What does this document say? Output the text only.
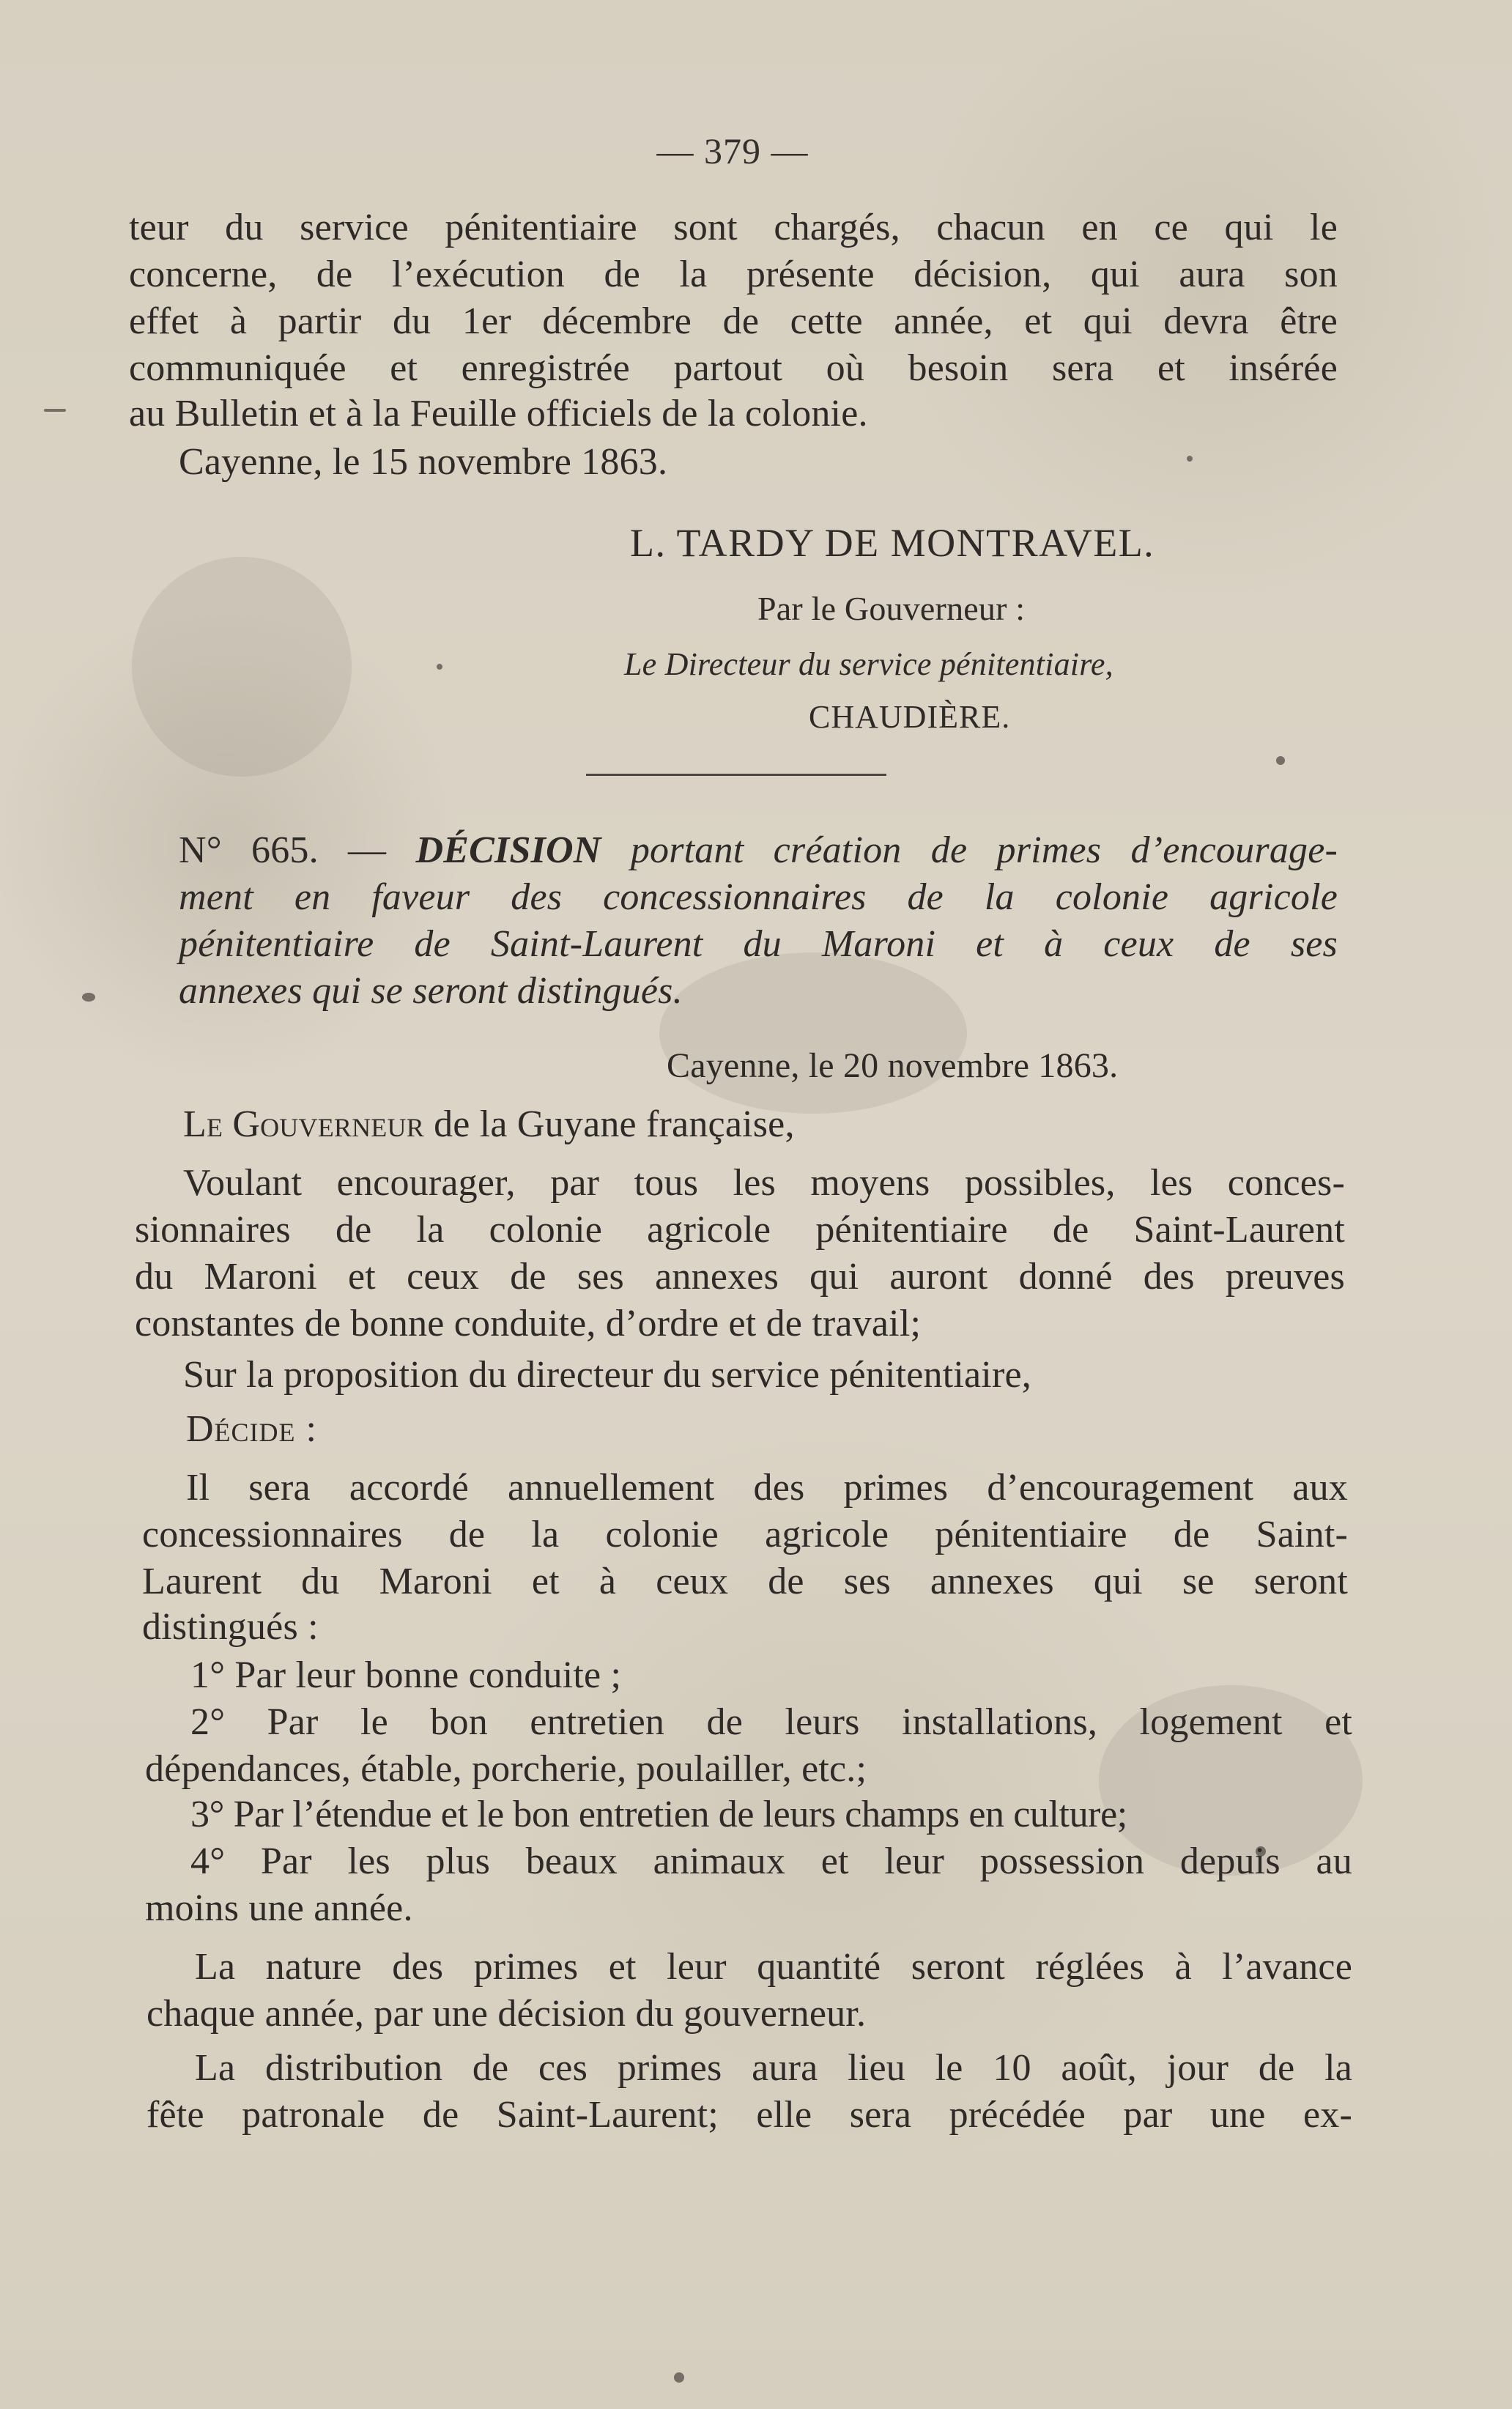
— 379 —
teur du service pénitentiaire sont chargés, chacun en ce qui le
concerne, de l’exécution de la présente décision, qui aura son
effet à partir du 1er décembre de cette année, et qui devra être
communiquée et enregistrée partout où besoin sera et insérée
au Bulletin et à la Feuille officiels de la colonie.
Cayenne, le 15 novembre 1863.
L. TARDY DE MONTRAVEL.
Par le Gouverneur :
Le Directeur du service pénitentiaire,
CHAUDIÈRE.
N° 665. — DÉCISION portant création de primes d’encourage-
ment en faveur des concessionnaires de la colonie agricole
pénitentiaire de Saint-Laurent du Maroni et à ceux de ses
annexes qui se seront distingués.
Cayenne, le 20 novembre 1863.
Le Gouverneur de la Guyane française,
Voulant encourager, par tous les moyens possibles, les conces-
sionnaires de la colonie agricole pénitentiaire de Saint-Laurent
du Maroni et ceux de ses annexes qui auront donné des preuves
constantes de bonne conduite, d’ordre et de travail;
Sur la proposition du directeur du service pénitentiaire,
Décide :
Il sera accordé annuellement des primes d’encouragement aux
concessionnaires de la colonie agricole pénitentiaire de Saint-
Laurent du Maroni et à ceux de ses annexes qui se seront
distingués :
1° Par leur bonne conduite ;
2° Par le bon entretien de leurs installations, logement et
dépendances, étable, porcherie, poulailler, etc.;
3° Par l’étendue et le bon entretien de leurs champs en culture;
4° Par les plus beaux animaux et leur possession depuis au
moins une année.
La nature des primes et leur quantité seront réglées à l’avance
chaque année, par une décision du gouverneur.
La distribution de ces primes aura lieu le 10 août, jour de la
fête patronale de Saint-Laurent; elle sera précédée par une ex-
